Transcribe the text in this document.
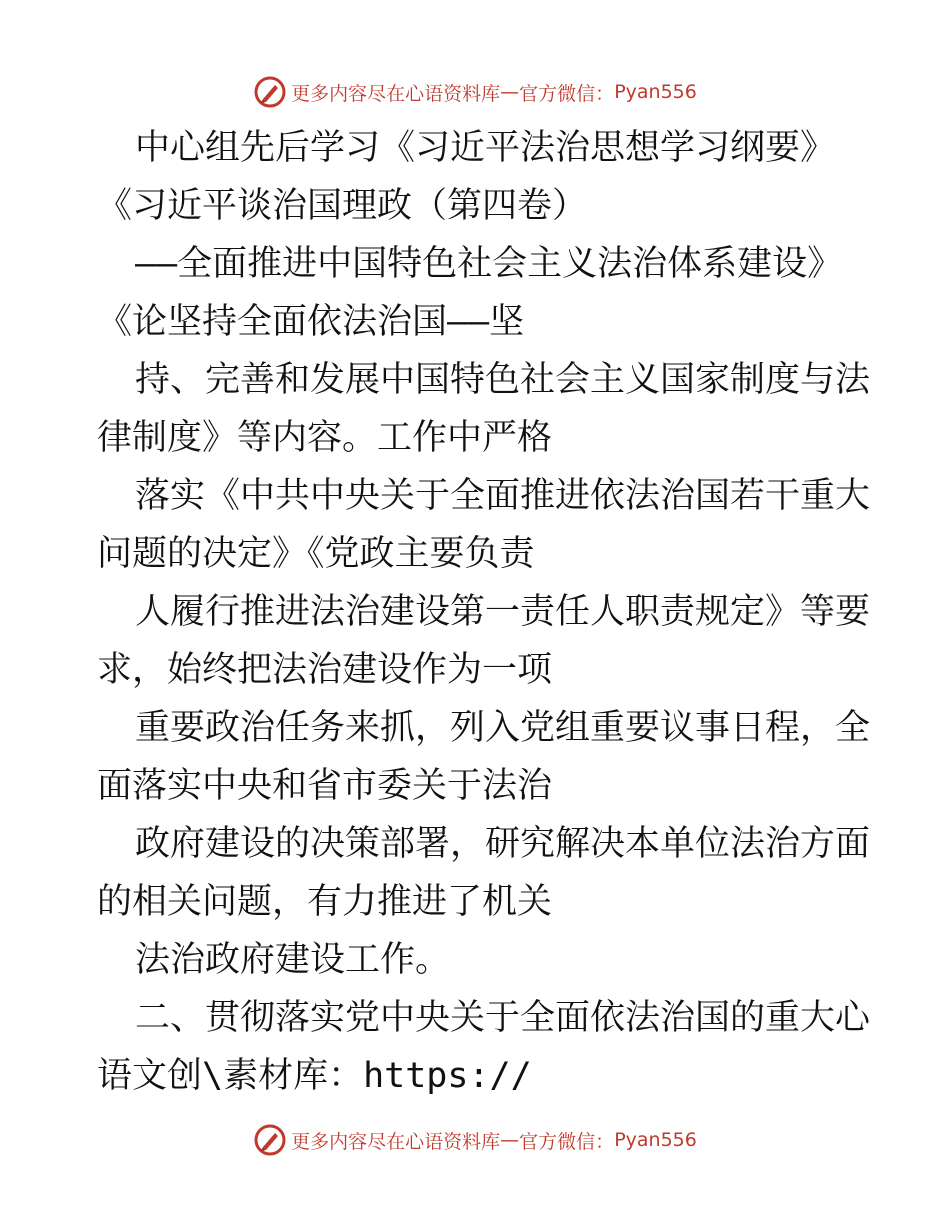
更多内容尽在心语资料库 — 官方微信： Pyan556
中心组先后学习《习近平法治思想学习纲要》
《习近平谈治国理政（第四卷）
——全面推进中国特色社会主义法治体系建设》
《论坚持全面依法治国——坚
持、完善和发展中国特色社会主义国家制度与法
律制度》等内容。工作中严格
落实《中共中央关于全面推进依法治国若干重大
问题的决定》《党政主要负责
人履行推进法治建设第一责任人职责规定》等要
求，始终把法治建设作为一项
重要政治任务来抓，列入党组重要议事日程，全
面落实中央和省市委关于法治
政府建设的决策部署，研究解决本单位法治方面
的相关问题，有力推进了机关
法治政府建设工作。
二、贯彻落实党中央关于全面依法治国的重大心
语文创\素材库：https://
更多内容尽在心语资料库 — 官方微信： Pyan556
